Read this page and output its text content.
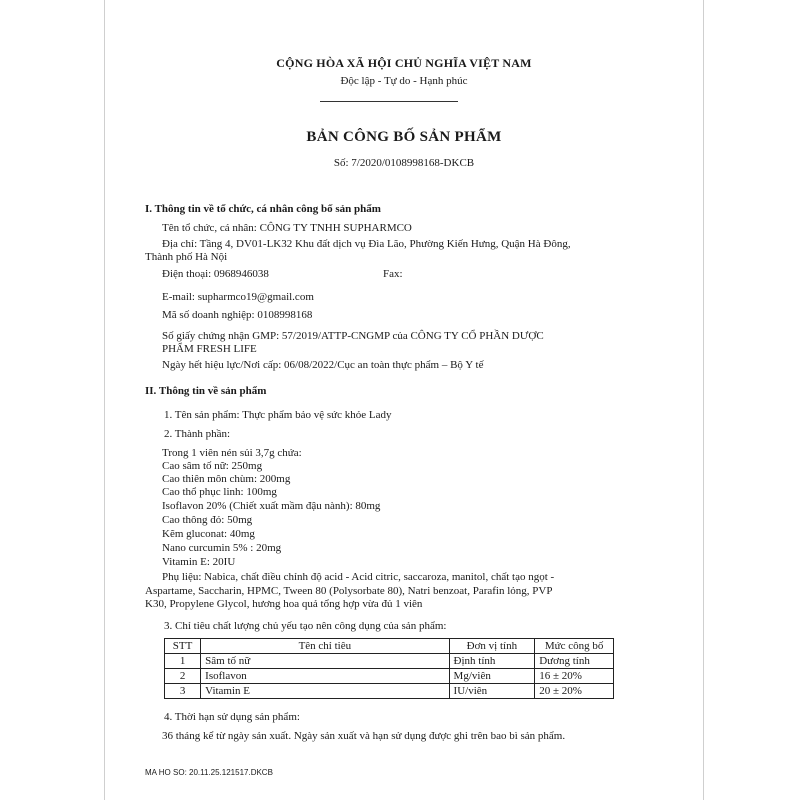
CỘNG HÒA XÃ HỘI CHỦ NGHĨA VIỆT NAM
Độc lập - Tự do - Hạnh phúc
BẢN CÔNG BỐ SẢN PHẨM
Số: 7/2020/0108998168-DKCB
I. Thông tin về tổ chức, cá nhân công bố sản phẩm
Tên tổ chức, cá nhân: CÔNG TY TNHH SUPHARMCO
Địa chỉ: Tầng 4, DV01-LK32 Khu đất dịch vụ Đìa Lão, Phường Kiến Hưng, Quận Hà Đông,
Thành phố Hà Nội
Điện thoại: 0968946038	Fax:
E-mail: supharmco19@gmail.com
Mã số doanh nghiệp: 0108998168
Số giấy chứng nhận GMP: 57/2019/ATTP-CNGMP của CÔNG TY CỔ PHẦN DƯỢC
PHẨM FRESH LIFE
Ngày hết hiệu lực/Nơi cấp: 06/08/2022/Cục an toàn thực phẩm – Bộ Y tế
II. Thông tin về sản phẩm
1. Tên sản phẩm: Thực phẩm bảo vệ sức khỏe Lady
2. Thành phần:
Trong 1 viên nén sủi 3,7g chứa:
Cao sâm tố nữ: 250mg
Cao thiên môn chùm: 200mg
Cao thổ phục linh: 100mg
Isoflavon 20% (Chiết xuất mầm đậu nành): 80mg
Cao thông đỏ: 50mg
Kẽm gluconat: 40mg
Nano curcumin 5% : 20mg
Vitamin E: 20IU
Phụ liệu: Nabica, chất điều chỉnh độ acid - Acid citric, saccaroza, manitol, chất tạo ngọt -
Aspartame, Saccharin, HPMC, Tween 80 (Polysorbate 80), Natri benzoat, Parafin lỏng, PVP
K30, Propylene Glycol, hương hoa quả tổng hợp vừa đủ 1 viên
3. Chỉ tiêu chất lượng chủ yếu tạo nên công dụng của sản phẩm:
STT	Tên chỉ tiêu	Đơn vị tính	Mức công bố
1	Sâm tố nữ	Định tính	Dương tính
2	Isoflavon	Mg/viên	16 ± 20%
3	Vitamin E	IU/viên	20 ± 20%
4. Thời hạn sử dụng sản phẩm:
36 tháng kể từ ngày sản xuất. Ngày sản xuất và hạn sử dụng được ghi trên bao bì sản phẩm.
MA HO SO: 20.11.25.121517.DKCB
